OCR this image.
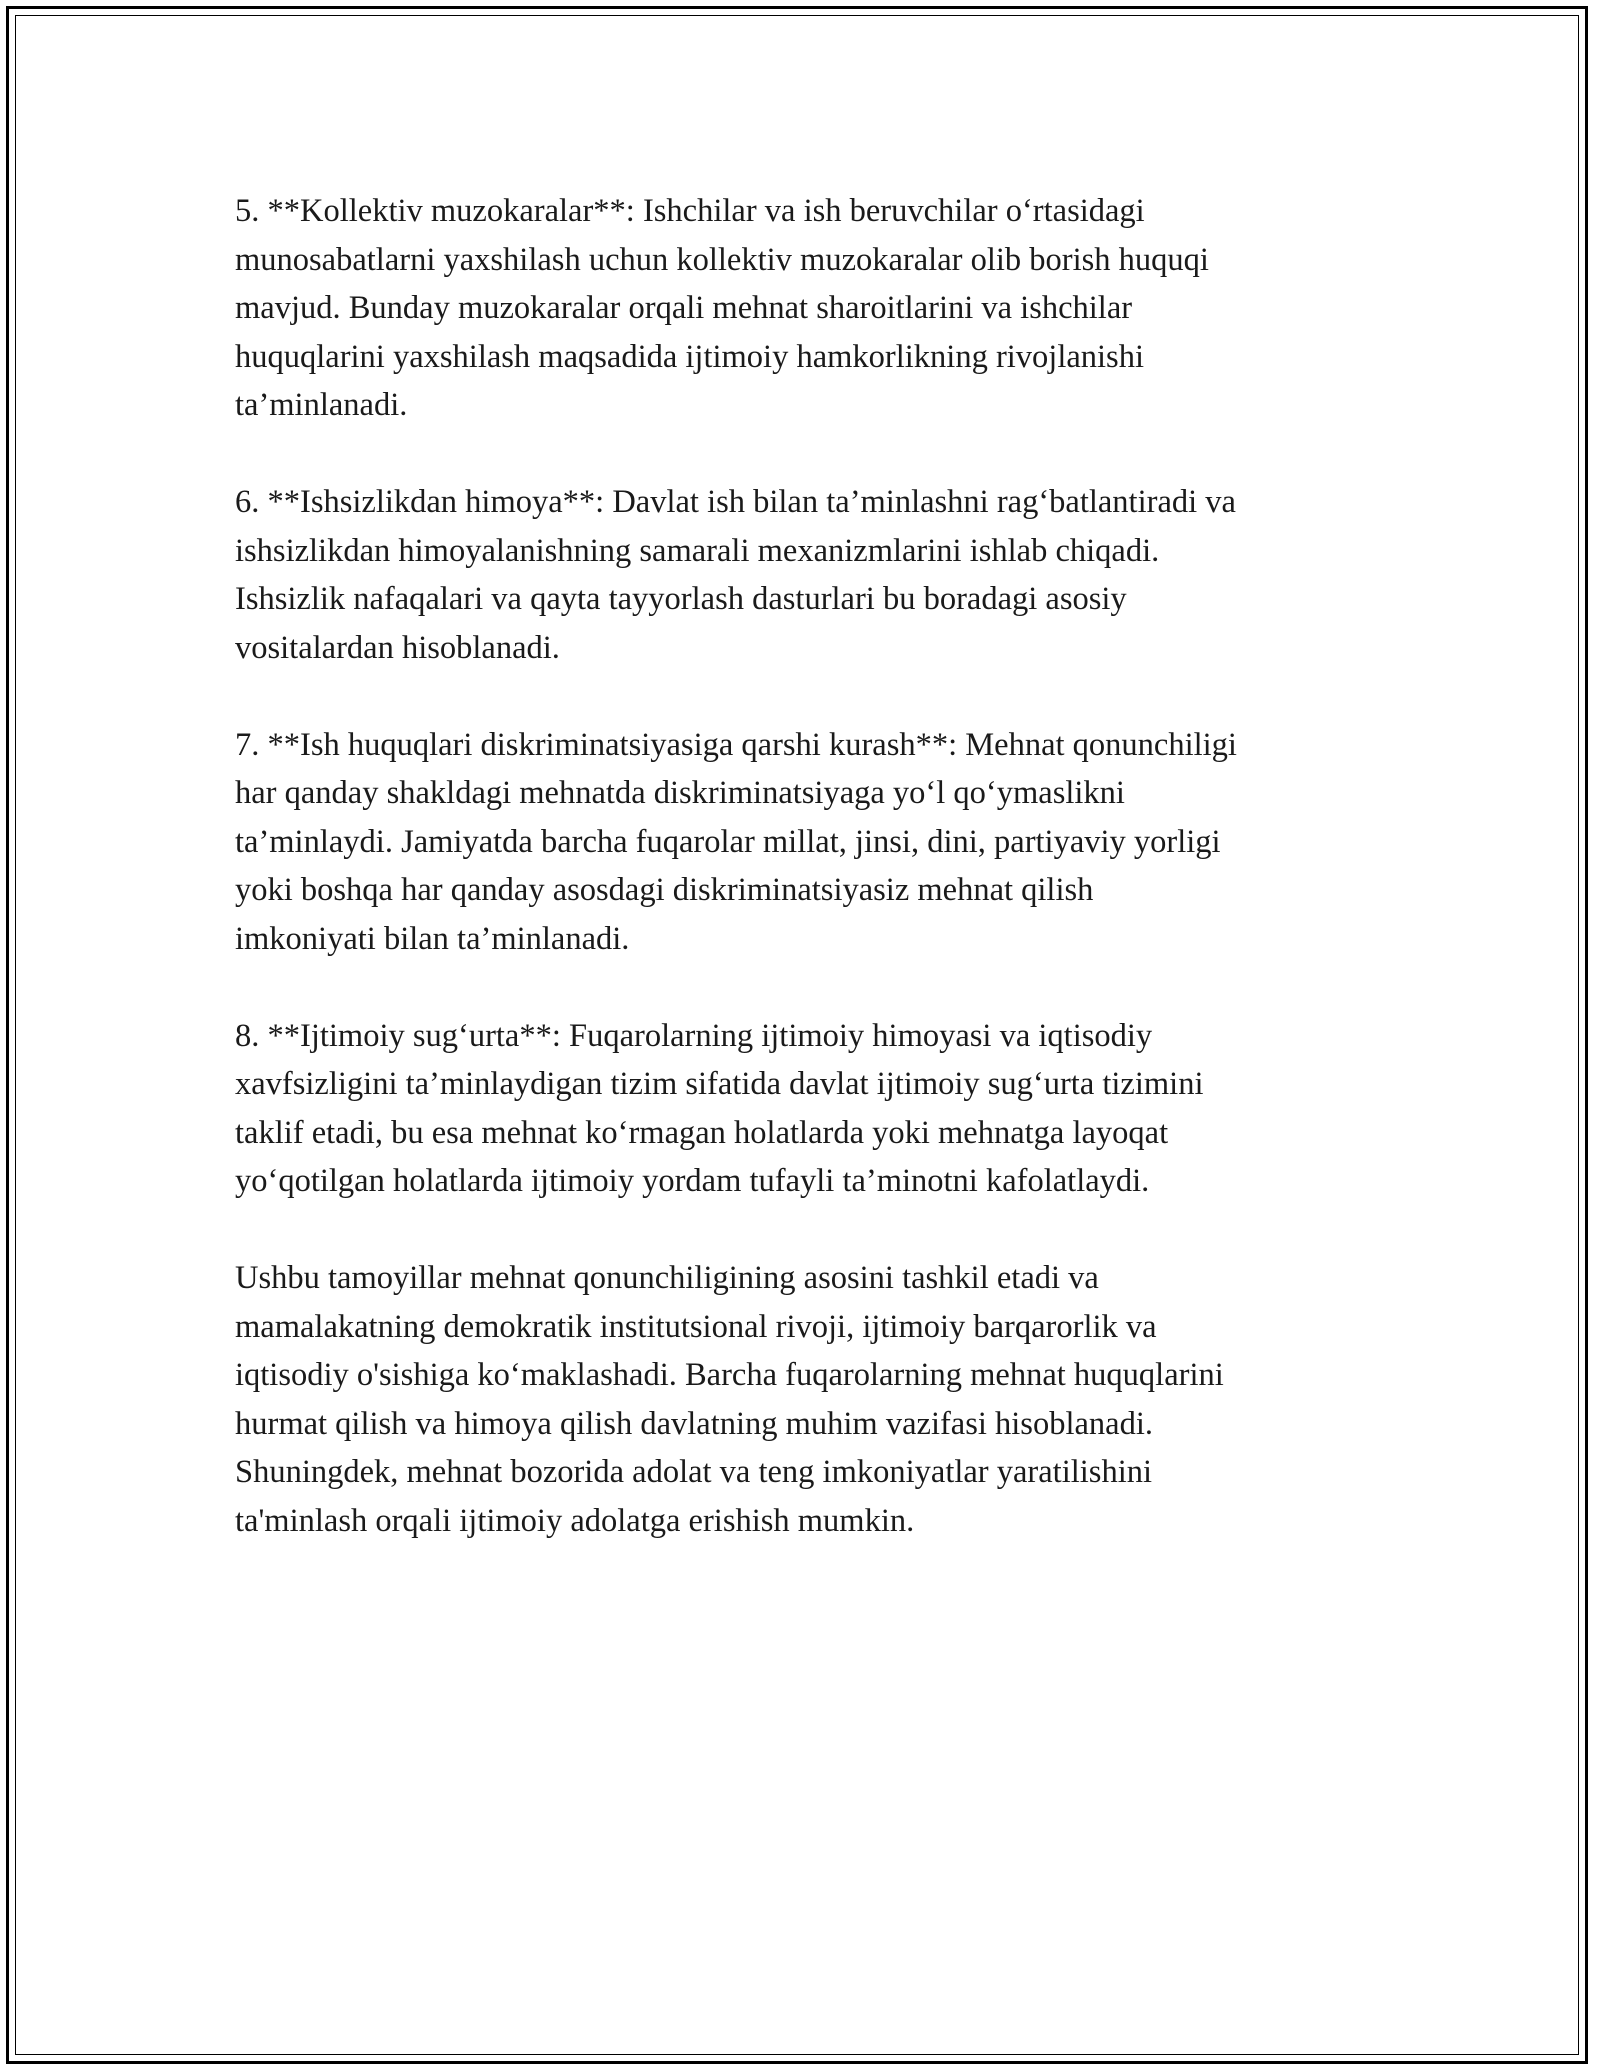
5. **Kollektiv muzokaralar**: Ishchilar va ish beruvchilar o‘rtasidagi
munosabatlarni yaxshilash uchun kollektiv muzokaralar olib borish huquqi
mavjud. Bunday muzokaralar orqali mehnat sharoitlarini va ishchilar
huquqlarini yaxshilash maqsadida ijtimoiy hamkorlikning rivojlanishi
ta’minlanadi.

6. **Ishsizlikdan himoya**: Davlat ish bilan ta’minlashni rag‘batlantiradi va
ishsizlikdan himoyalanishning samarali mexanizmlarini ishlab chiqadi.
Ishsizlik nafaqalari va qayta tayyorlash dasturlari bu boradagi asosiy
vositalardan hisoblanadi.

7. **Ish huquqlari diskriminatsiyasiga qarshi kurash**: Mehnat qonunchiligi
har qanday shakldagi mehnatda diskriminatsiyaga yo‘l qo‘ymaslikni
ta’minlaydi. Jamiyatda barcha fuqarolar millat, jinsi, dini, partiyaviy yorligi
yoki boshqa har qanday asosdagi diskriminatsiyasiz mehnat qilish
imkoniyati bilan ta’minlanadi.

8. **Ijtimoiy sug‘urta**: Fuqarolarning ijtimoiy himoyasi va iqtisodiy
xavfsizligini ta’minlaydigan tizim sifatida davlat ijtimoiy sug‘urta tizimini
taklif etadi, bu esa mehnat ko‘rmagan holatlarda yoki mehnatga layoqat
yo‘qotilgan holatlarda ijtimoiy yordam tufayli ta’minotni kafolatlaydi.

Ushbu tamoyillar mehnat qonunchiligining asosini tashkil etadi va
mamalakatning demokratik institutsional rivoji, ijtimoiy barqarorlik va
iqtisodiy o'sishiga ko‘maklashadi. Barcha fuqarolarning mehnat huquqlarini
hurmat qilish va himoya qilish davlatning muhim vazifasi hisoblanadi.
Shuningdek, mehnat bozorida adolat va teng imkoniyatlar yaratilishini
ta'minlash orqali ijtimoiy adolatga erishish mumkin.
